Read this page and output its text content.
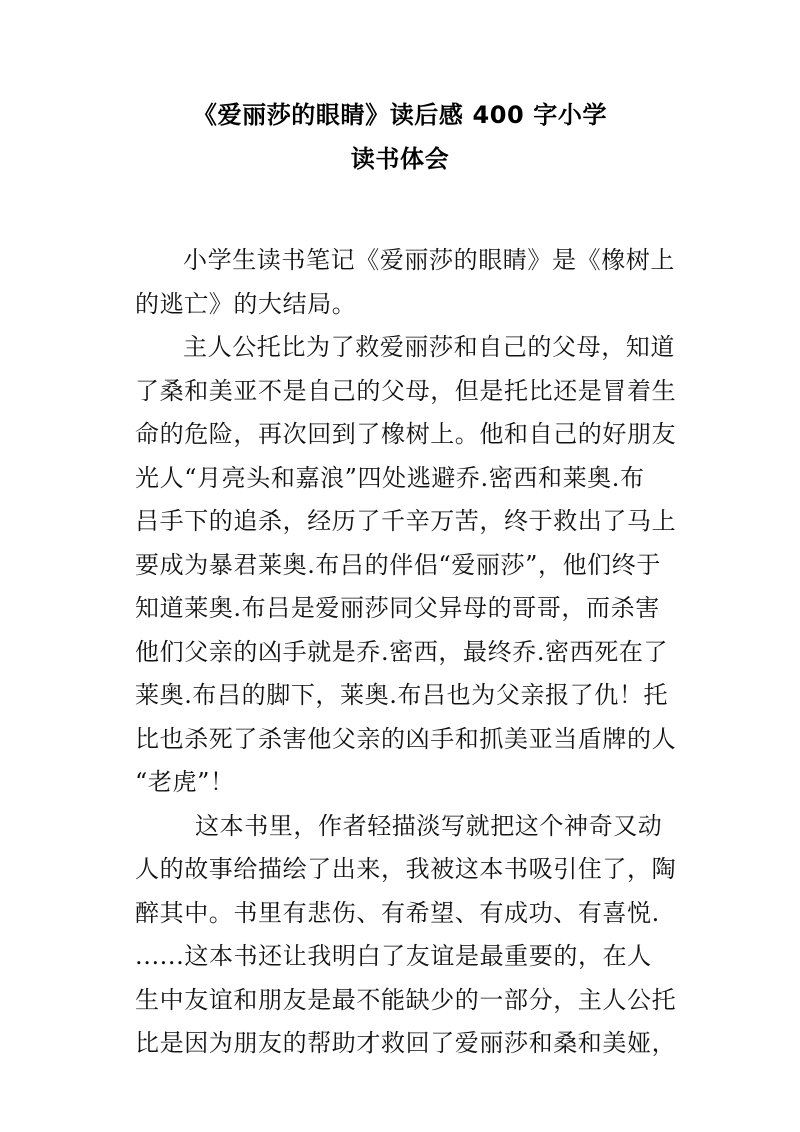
《爱丽莎的眼睛》读后感 400 字小学
读书体会
小学生读书笔记《爱丽莎的眼睛》是《橡树上
的逃亡》的大结局。
主人公托比为了救爱丽莎和自己的父母，知道
了桑和美亚不是自己的父母，但是托比还是冒着生
命的危险，再次回到了橡树上。他和自己的好朋友
光人“月亮头和嘉浪”四处逃避乔.密西和莱奥.布
吕手下的追杀，经历了千辛万苦，终于救出了马上
要成为暴君莱奥.布吕的伴侣“爱丽莎”，他们终于
知道莱奥.布吕是爱丽莎同父异母的哥哥，而杀害
他们父亲的凶手就是乔.密西，最终乔.密西死在了
莱奥.布吕的脚下，莱奥.布吕也为父亲报了仇！托
比也杀死了杀害他父亲的凶手和抓美亚当盾牌的人
“老虎”！
这本书里，作者轻描淡写就把这个神奇又动
人的故事给描绘了出来，我被这本书吸引住了，陶
醉其中。书里有悲伤、有希望、有成功、有喜悦.
......这本书还让我明白了友谊是最重要的，在人
生中友谊和朋友是最不能缺少的一部分，主人公托
比是因为朋友的帮助才救回了爱丽莎和桑和美娅，
